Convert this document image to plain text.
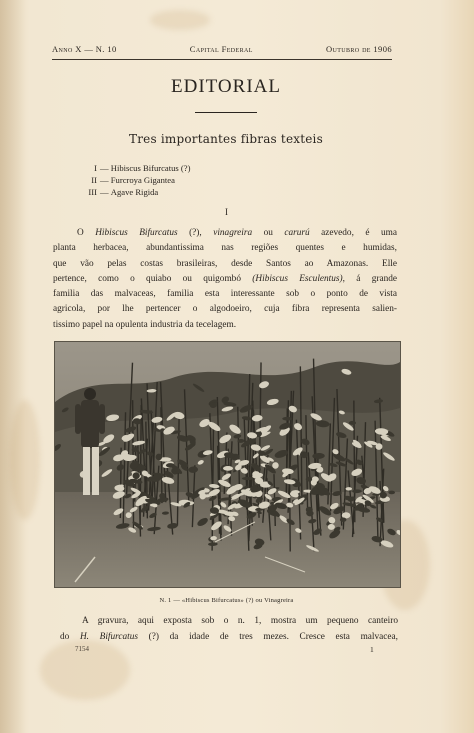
Anno X — N. 10	Capital Federal	Outubro de 1906
EDITORIAL
Tres importantes fibras texteis
I — Hibiscus Bifurcatus (?)
II — Furcroya Gigantea
III — Agave Rigida
I
O Hibiscus Bifurcatus (?), vinagreira ou carurú azevedo, é uma
planta herbacea, abundantissima nas regiões quentes e humidas,
que vão pelas costas brasileiras, desde Santos ao Amazonas. Elle
pertence, como o quiabo ou quigombó (Hibiscus Esculentus), á grande
familia das malvaceas, familia esta interessante sob o ponto de vista
agricola, por lhe pertencer o algodoeiro, cuja fibra representa salien-
tissimo papel na opulenta industria da tecelagem.
N. 1 — «Hibiscus Bifurcatus» (?) ou Vinagreira
A gravura, aqui exposta sob o n. 1, mostra um pequeno canteiro
do H. Bifurcatus (?) da idade de tres mezes. Cresce esta malvacea,
7154	1
